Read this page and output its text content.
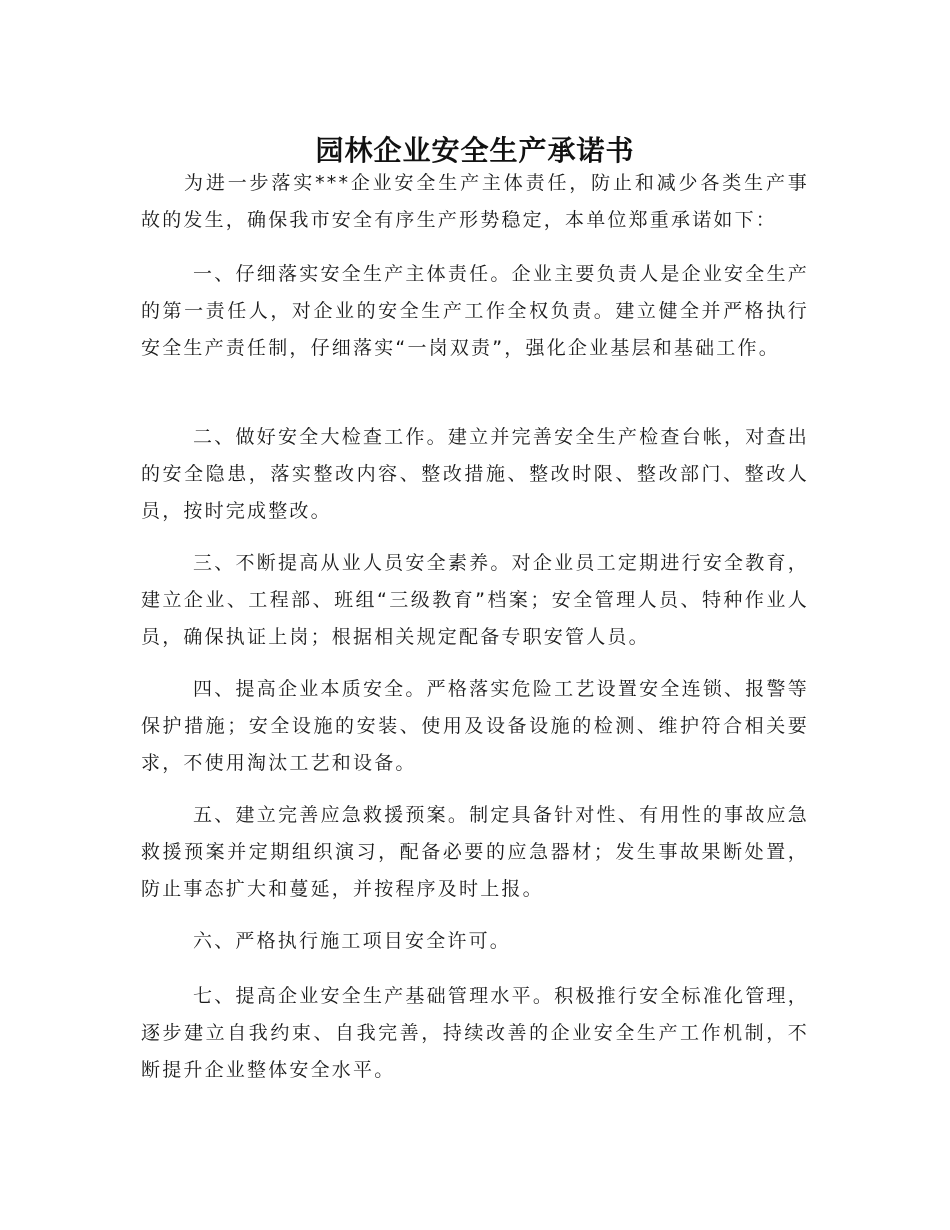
园林企业安全生产承诺书

为进一步落实***企业安全生产主体责任，防止和减少各类生产事故的发生，确保我市安全有序生产形势稳定，本单位郑重承诺如下：

一、仔细落实安全生产主体责任。企业主要负责人是企业安全生产的第一责任人，对企业的安全生产工作全权负责。建立健全并严格执行安全生产责任制，仔细落实“一岗双责”，强化企业基层和基础工作。

二、做好安全大检查工作。建立并完善安全生产检查台帐，对查出的安全隐患，落实整改内容、整改措施、整改时限、整改部门、整改人员，按时完成整改。

三、不断提高从业人员安全素养。对企业员工定期进行安全教育，建立企业、工程部、班组“三级教育”档案；安全管理人员、特种作业人员，确保执证上岗；根据相关规定配备专职安管人员。

四、提高企业本质安全。严格落实危险工艺设置安全连锁、报警等保护措施；安全设施的安装、使用及设备设施的检测、维护符合相关要求，不使用淘汰工艺和设备。

五、建立完善应急救援预案。制定具备针对性、有用性的事故应急救援预案并定期组织演习，配备必要的应急器材；发生事故果断处置，防止事态扩大和蔓延，并按程序及时上报。

六、严格执行施工项目安全许可。

七、提高企业安全生产基础管理水平。积极推行安全标准化管理，逐步建立自我约束、自我完善，持续改善的企业安全生产工作机制，不断提升企业整体安全水平。
